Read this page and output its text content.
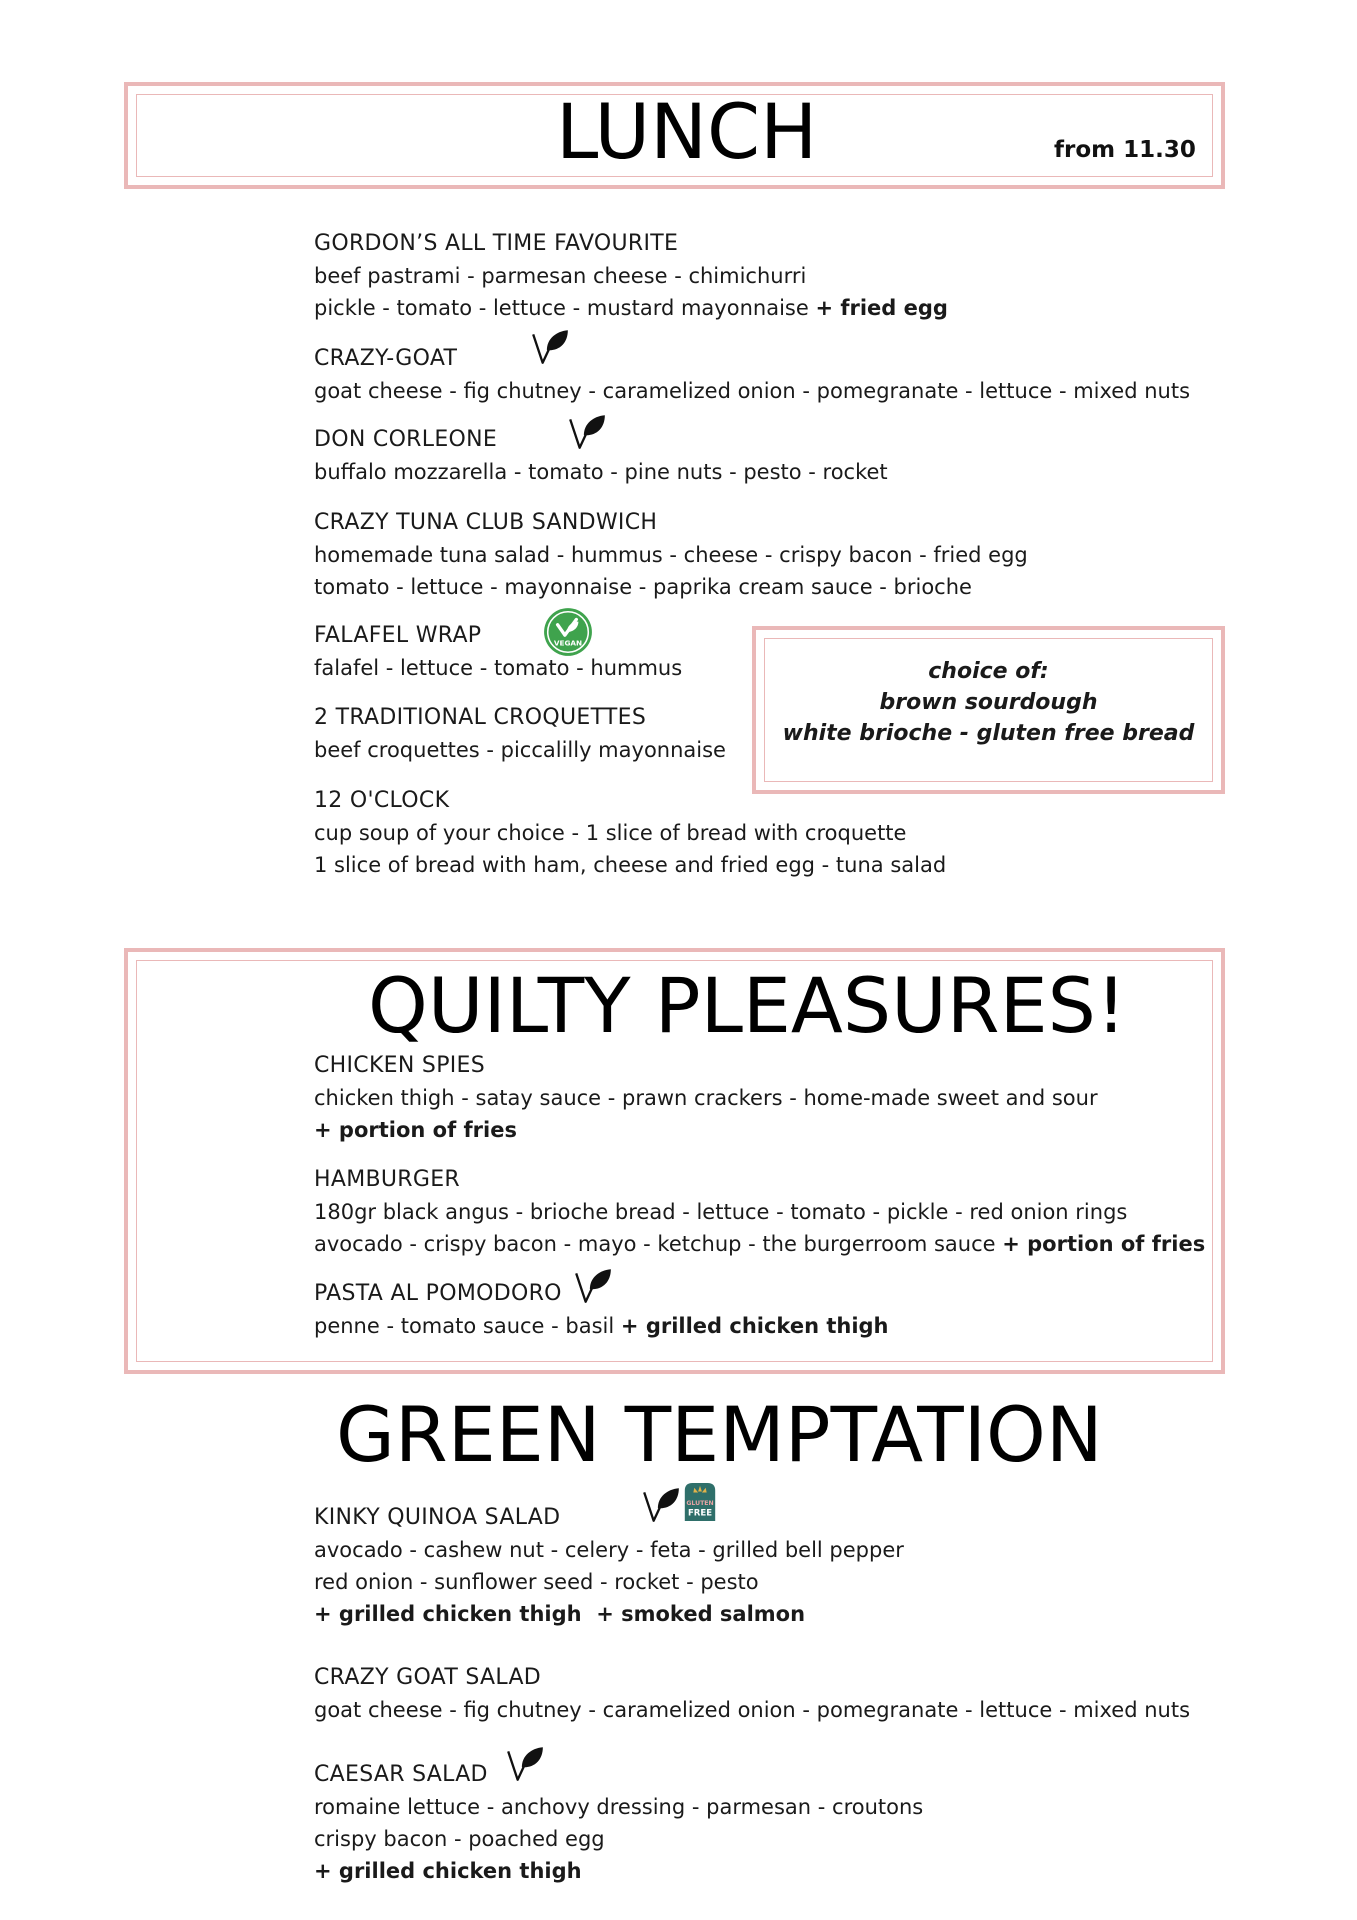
LUNCH	from 11.30
GORDON’S ALL TIME FAVOURITE
beef pastrami - parmesan cheese - chimichurri
pickle - tomato - lettuce - mustard mayonnaise + fried egg
CRAZY-GOAT
goat cheese - fig chutney - caramelized onion - pomegranate - lettuce - mixed nuts
DON CORLEONE
buffalo mozzarella - tomato - pine nuts - pesto - rocket
CRAZY TUNA CLUB SANDWICH
homemade tuna salad - hummus - cheese - crispy bacon - fried egg
tomato - lettuce - mayonnaise - paprika cream sauce - brioche
FALAFEL WRAP
falafel - lettuce - tomato - hummus
VEGAN
2 TRADITIONAL CROQUETTES
beef croquettes - piccalilly mayonnaise
12 O'CLOCK
cup soup of your choice - 1 slice of bread with croquette
1 slice of bread with ham, cheese and fried egg - tuna salad
choice of:
brown sourdough
white brioche - gluten free bread
QUILTY PLEASURES!
CHICKEN SPIES
chicken thigh - satay sauce - prawn crackers - home-made sweet and sour
+ portion of fries
HAMBURGER
180gr black angus - brioche bread - lettuce - tomato - pickle - red onion rings
avocado - crispy bacon - mayo - ketchup - the burgerroom sauce + portion of fries
PASTA AL POMODORO
penne - tomato sauce - basil + grilled chicken thigh
GREEN TEMPTATION
KINKY QUINOA SALAD
avocado - cashew nut - celery - feta - grilled bell pepper
red onion - sunflower seed - rocket - pesto
+ grilled chicken thigh  + smoked salmon
GLUTEN
FREE
CRAZY GOAT SALAD
goat cheese - fig chutney - caramelized onion - pomegranate - lettuce - mixed nuts
CAESAR SALAD
romaine lettuce - anchovy dressing - parmesan - croutons
crispy bacon - poached egg
+ grilled chicken thigh
